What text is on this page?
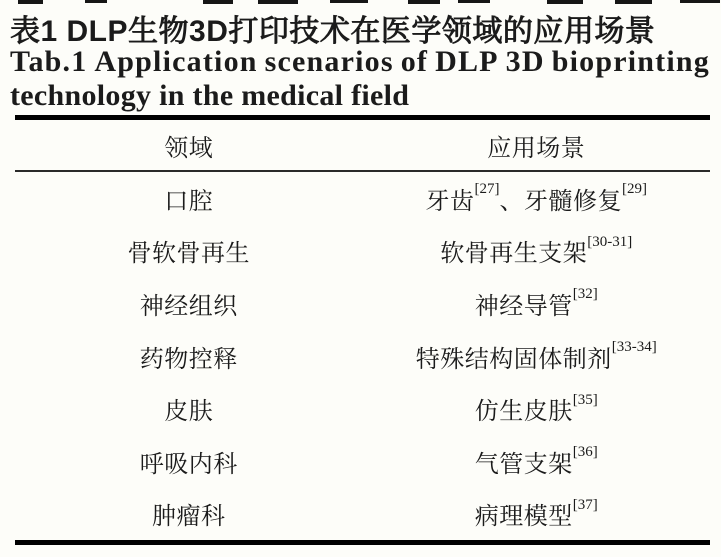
表1 DLP生物3D打印技术在医学领域的应用场景
Tab.1 Application scenarios of DLP 3D bioprinting
technology in the medical field
领域	应用场景
口腔	牙齿 [27] 、牙髓修复 [29]
骨软骨再生	软骨再生支架 [30-31]
神经组织	神经导管 [32]
药物控释	特殊结构固体制剂 [33-34]
皮肤	仿生皮肤 [35]
呼吸内科	气管支架 [36]
肿瘤科	病理模型 [37]
